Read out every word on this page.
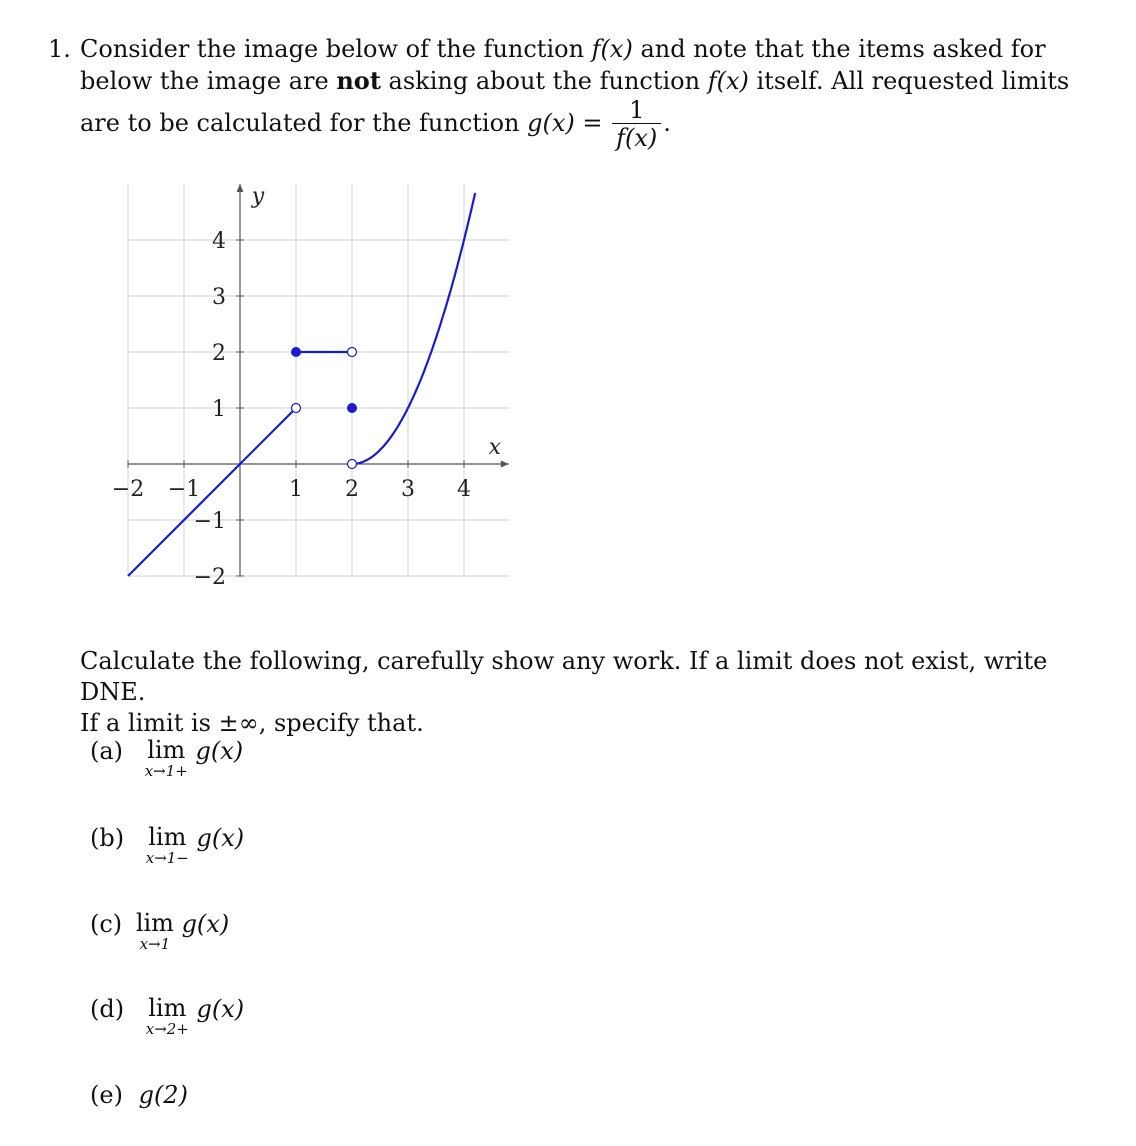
1. Consider the image below of the function f(x) and note that the items asked for below the image are not asking about the function f(x) itself. All requested limits are to be calculated for the function $g(x) = \frac{1}{f(x)}$ .
−2 −1	1 2 3 4
4
3
2
1
−1
−2
x
y
Calculate the following, carefully show any work. If a limit does not exist, write DNE.
If a limit is ±∞, specify that.
(a) lim
x→1+
g(x)
(b) lim
x→1−
g(x)
(c) lim
x→1
g(x)
(d) lim
x→2+
g(x)
(e) g(2)
